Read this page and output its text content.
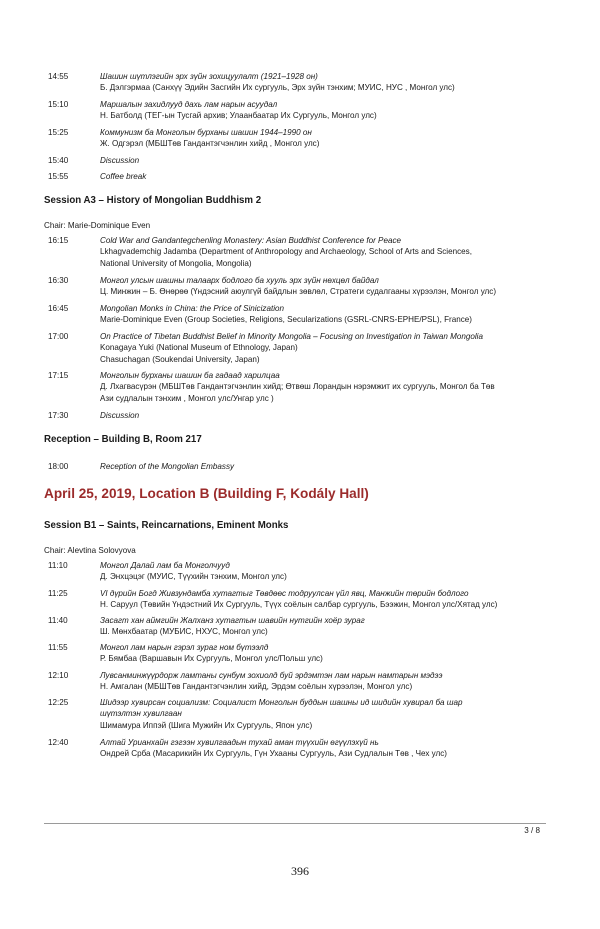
14:55	Шашин шүтлэгийн эрх зүйн зохицуулалт (1921–1928 он)
Б. Дэлгэрмаа (Санхүү Эдийн Засгийн Их сургууль, Эрх зүйн тэнхим; МУИС, НУС , Монгол улс)
15:10	Маршалын захидлууд дахь лам нарын асуудал
Н. Батболд (ТЕГ-ын Тусгай архив; Улаанбаатар Их Сургууль, Монгол улс)
15:25	Коммунизм ба Монголын бурханы шашин 1944–1990 он
Ж. Одгэрэл (МБШТөв Гандантэгчэнлин хийд , Монгол улс)
15:40	Discussion
15:55	Coffee break
Session A3 – History of Mongolian Buddhism 2
Chair: Marie-Dominique Even
16:15	Cold War and Gandantegchenling Monastery: Asian Buddhist Conference for Peace
Lkhagvademchig Jadamba (Department of Anthropology and Archaeology, School of Arts and Sciences,
National University of Mongolia, Mongolia)
16:30	Монгол улсын шашны талаарх бодлого ба хууль эрх зүйн нөхцөл байдал
Ц. Минжин – Б. Өнөрөө (Үндэсний аюулгүй байдлын зөвлөл, Стратеги судалгааны хүрээлэн, Монгол улс)
16:45	Mongolian Monks in China: the Price of Sinicization
Marie-Dominique Even (Group Societies, Religions, Secularizations (GSRL-CNRS-EPHE/PSL), France)
17:00	On Practice of Tibetan Buddhist Belief in Minority Mongolia – Focusing on Investigation in Taiwan Mongolia
Konagaya Yuki (National Museum of Ethnology, Japan)
Chasuchagan (Soukendai University, Japan)
17:15	Монголын бурханы шашин ба гадаад харилцаа
Д. Лхагвасүрэн (МБШТөв Гандантэгчэнлин хийд; Өтвөш Лорандын нэрэмжит их сургууль, Монгол ба Төв
Ази судлалын тэнхим , Монгол улс/Унгар улс )
17:30	Discussion
Reception – Building B, Room 217
18:00	Reception of the Mongolian Embassy
April 25, 2019, Location B (Building F, Kodály Hall)
Session B1 – Saints, Reincarnations, Eminent Monks
Chair: Alevtina Solovyova
11:10	Монгол Далай лам ба Монголчууд
Д. Энхцэцэг (МУИС, Түүхийн тэнхим, Монгол улс)
11:25	VI дүрийн Богд Живзундамба хутагтыг Төвдөөс тодруулсан үйл явц, Манжийн төрийн бодлого
Н. Саруул (Төвийн Үндэстний Их Сургууль, Түүх соёлын салбар сургууль, Бээжин, Монгол улс/Хятад улс)
11:40	Засагт хан аймгийн Жалханз хутагтын шавийн нутгийн хоёр зураг
Ш. Мөнхбаатар (МУБИС, НХУС, Монгол улс)
11:55	Монгол лам нарын гэрэл зураг ном бүтээлд
Р. Бямбаа (Варшавын Их Сургууль, Монгол улс/Польш улс)
12:10	Лувсанминжүүрдорж ламтаны сунбум зохиолд буй эрдэмтэн лам нарын намтарын мэдээ
Н. Амгалан (МБШТөв Гандантэгчэнлин хийд, Эрдэм соёлын хүрээлэн, Монгол улс)
12:25	Шидээр хувирсан социализм: Социалист Монголын буддын шашны ид шидийн хувирал ба шар
шүтэлтэн хувилгаан
Шимамура Иппэй (Шига Мужийн Их Сургууль, Япон улс)
12:40	Алтай Урианхайн гэгээн хувилгаадын тухай аман түүхийн өгүүлэхүй нь
Ондрей Срба (Масарикийн Их Сургууль, Гүн Ухааны Сургууль, Ази Судлалын Төв , Чех улс)
3 / 8
396
